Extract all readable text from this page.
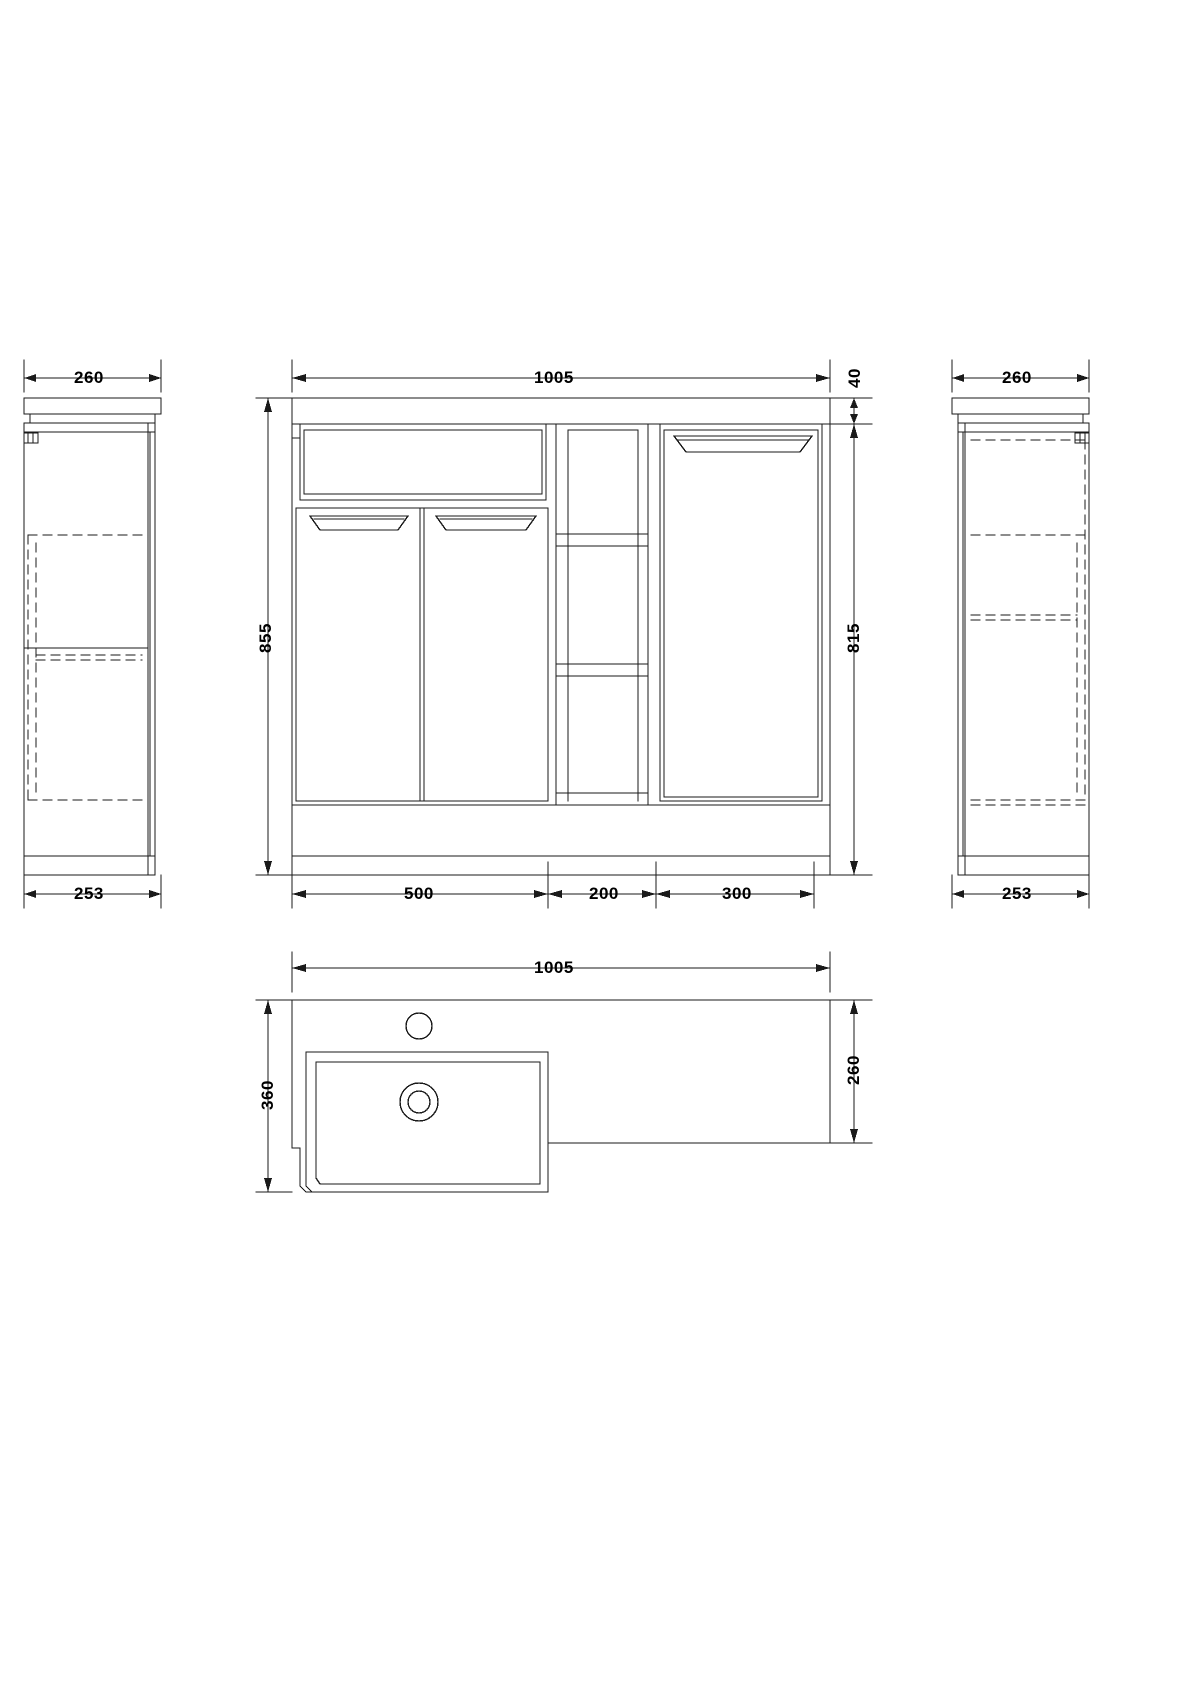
260
253
1005	40
855	815
500	200	300
260
253
1005
360
260
